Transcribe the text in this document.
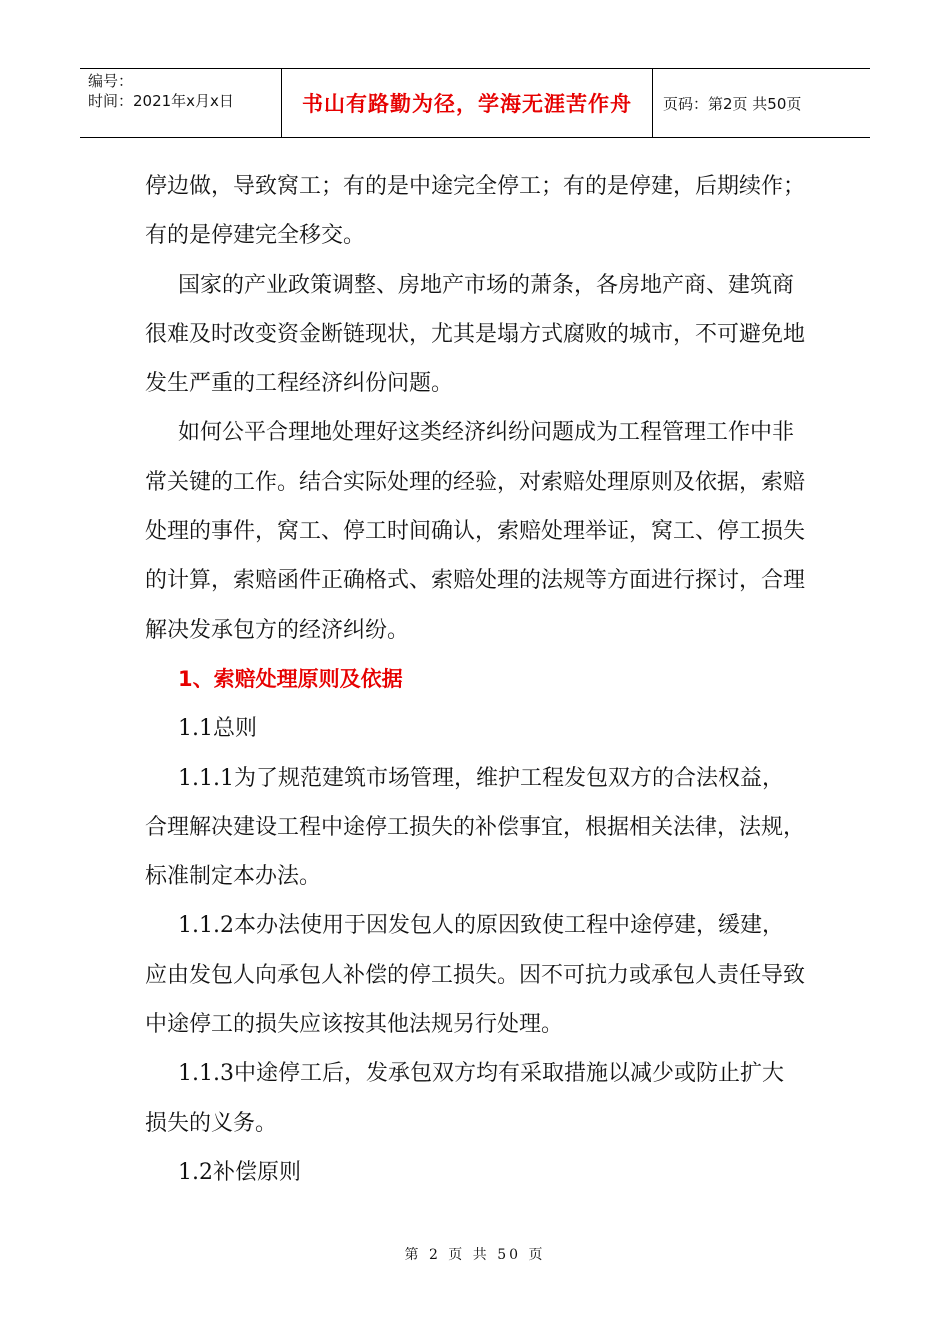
编号：
时间：2021年x月x日	书山有路勤为径，学海无涯苦作舟	页码：第2页 共50页

停边做，导致窝工；有的是中途完全停工；有的是停建，后期续作；有的是停建完全移交。

国家的产业政策调整、房地产市场的萧条，各房地产商、建筑商很难及时改变资金断链现状，尤其是塌方式腐败的城市，不可避免地发生严重的工程经济纠份问题。

如何公平合理地处理好这类经济纠纷问题成为工程管理工作中非常关键的工作。结合实际处理的经验，对索赔处理原则及依据，索赔处理的事件，窝工、停工时间确认，索赔处理举证，窝工、停工损失的计算，索赔函件正确格式、索赔处理的法规等方面进行探讨，合理解决发承包方的经济纠纷。

1、索赔处理原则及依据

1.1总则

1.1.1为了规范建筑市场管理，维护工程发包双方的合法权益，合理解决建设工程中途停工损失的补偿事宜，根据相关法律，法规，标准制定本办法。

1.1.2本办法使用于因发包人的原因致使工程中途停建，缓建，应由发包人向承包人补偿的停工损失。因不可抗力或承包人责任导致中途停工的损失应该按其他法规另行处理。

1.1.3中途停工后，发承包双方均有采取措施以减少或防止扩大损失的义务。

1.2补偿原则

第 2 页 共 50 页
